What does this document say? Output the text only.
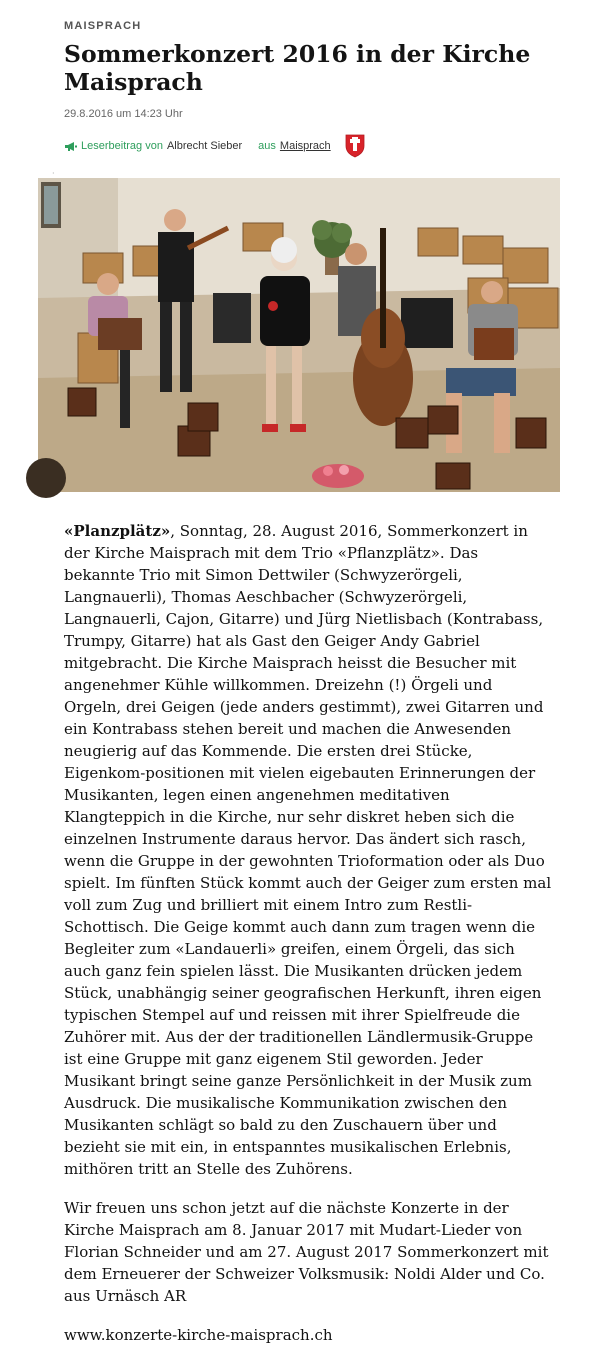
MAISPRACH
Sommerkonzert 2016 in der Kirche Maisprach
29.8.2016 um 14:23 Uhr
Leserbeitrag von Albrecht Sieber aus Maisprach
⋅

«Planzplätz», Sonntag, 28. August 2016, Sommerkonzert in der Kirche Maisprach mit dem Trio «Pflanzplätz». Das bekannte Trio mit Simon Dettwiler (Schwyzerörgeli, Langnauerli), Thomas Aeschbacher (Schwyzerörgeli, Langnauerli, Cajon, Gitarre) und Jürg Nietlisbach (Kontrabass, Trumpy, Gitarre) hat als Gast den Geiger Andy Gabriel mitgebracht. Die Kirche Maisprach heisst die Besucher mit angenehmer Kühle willkommen. Dreizehn (!) Örgeli und Orgeln, drei Geigen (jede anders gestimmt), zwei Gitarren und ein Kontrabass stehen bereit und machen die Anwesenden neugierig auf das Kommende. Die ersten drei Stücke, Eigenkom-positionen mit vielen eigebauten Erinnerungen der Musikanten, legen einen angenehmen meditativen Klangteppich in die Kirche, nur sehr diskret heben sich die einzelnen Instrumente daraus hervor. Das ändert sich rasch, wenn die Gruppe in der gewohnten Trioformation oder als Duo spielt. Im fünften Stück kommt auch der Geiger zum ersten mal voll zum Zug und brilliert mit einem Intro zum Restli-Schottisch. Die Geige kommt auch dann zum tragen wenn die Begleiter zum «Landauerli» greifen, einem Örgeli, das sich auch ganz fein spielen lässt. Die Musikanten drücken jedem Stück, unabhängig seiner geografischen Herkunft, ihren eigen typischen Stempel auf und reissen mit ihrer Spielfreude die Zuhörer mit. Aus der der traditionellen Ländlermusik-Gruppe ist eine Gruppe mit ganz eigenem Stil geworden. Jeder Musikant bringt seine ganze Persönlichkeit in der Musik zum Ausdruck. Die musikalische Kommunikation zwischen den Musikanten schlägt so bald zu den Zuschauern über und bezieht sie mit ein, in entspanntes musikalischen Erlebnis, mithören tritt an Stelle des Zuhörens.

Wir freuen uns schon jetzt auf die nächste Konzerte in der Kirche Maisprach am 8. Januar 2017 mit Mudart-Lieder von Florian Schneider und am 27. August 2017 Sommerkonzert mit dem Erneuerer der Schweizer Volksmusik: Noldi Alder und Co. aus Urnäsch AR

www.konzerte-kirche-maisprach.ch
